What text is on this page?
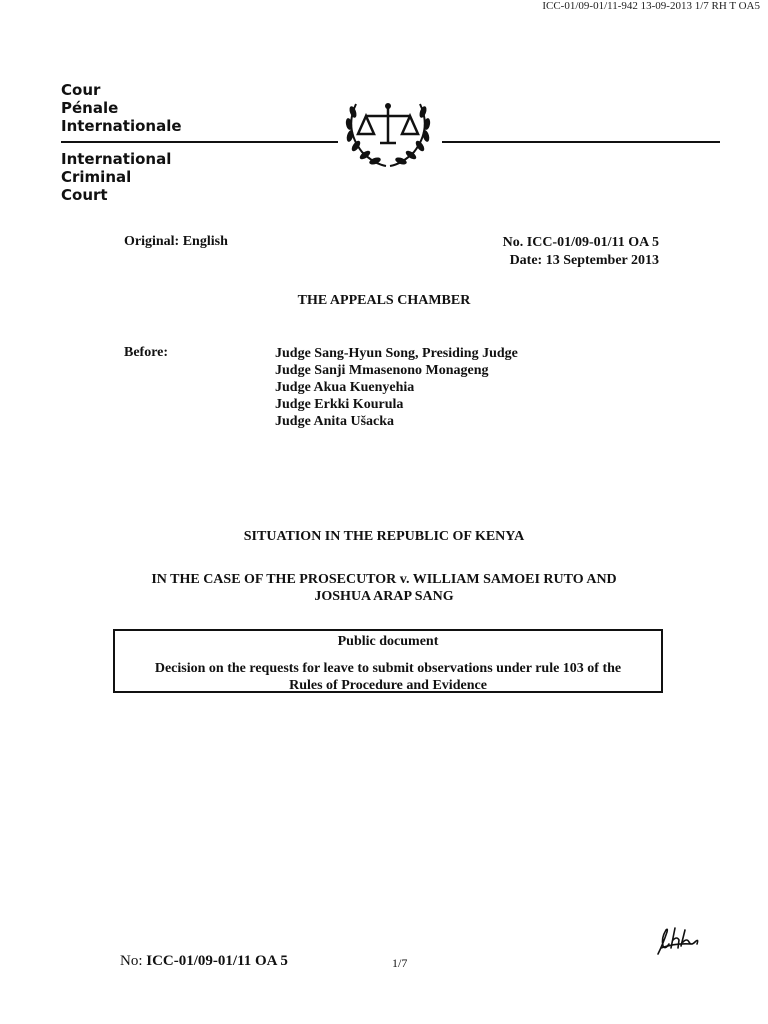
ICC-01/09-01/11-942 13-09-2013 1/7 RH T OA5
Cour
Pénale
Internationale
International
Criminal
Court
Original: English	No. ICC-01/09-01/11 OA 5
Date: 13 September 2013
THE APPEALS CHAMBER
Before:	Judge Sang-Hyun Song, Presiding Judge
Judge Sanji Mmasenono Monageng
Judge Akua Kuenyehia
Judge Erkki Kourula
Judge Anita Ušacka
SITUATION IN THE REPUBLIC OF KENYA
IN THE CASE OF THE PROSECUTOR v. WILLIAM SAMOEI RUTO AND
JOSHUA ARAP SANG
Public document
Decision on the requests for leave to submit observations under rule 103 of the
Rules of Procedure and Evidence
No: ICC-01/09-01/11 OA 5	1/7
